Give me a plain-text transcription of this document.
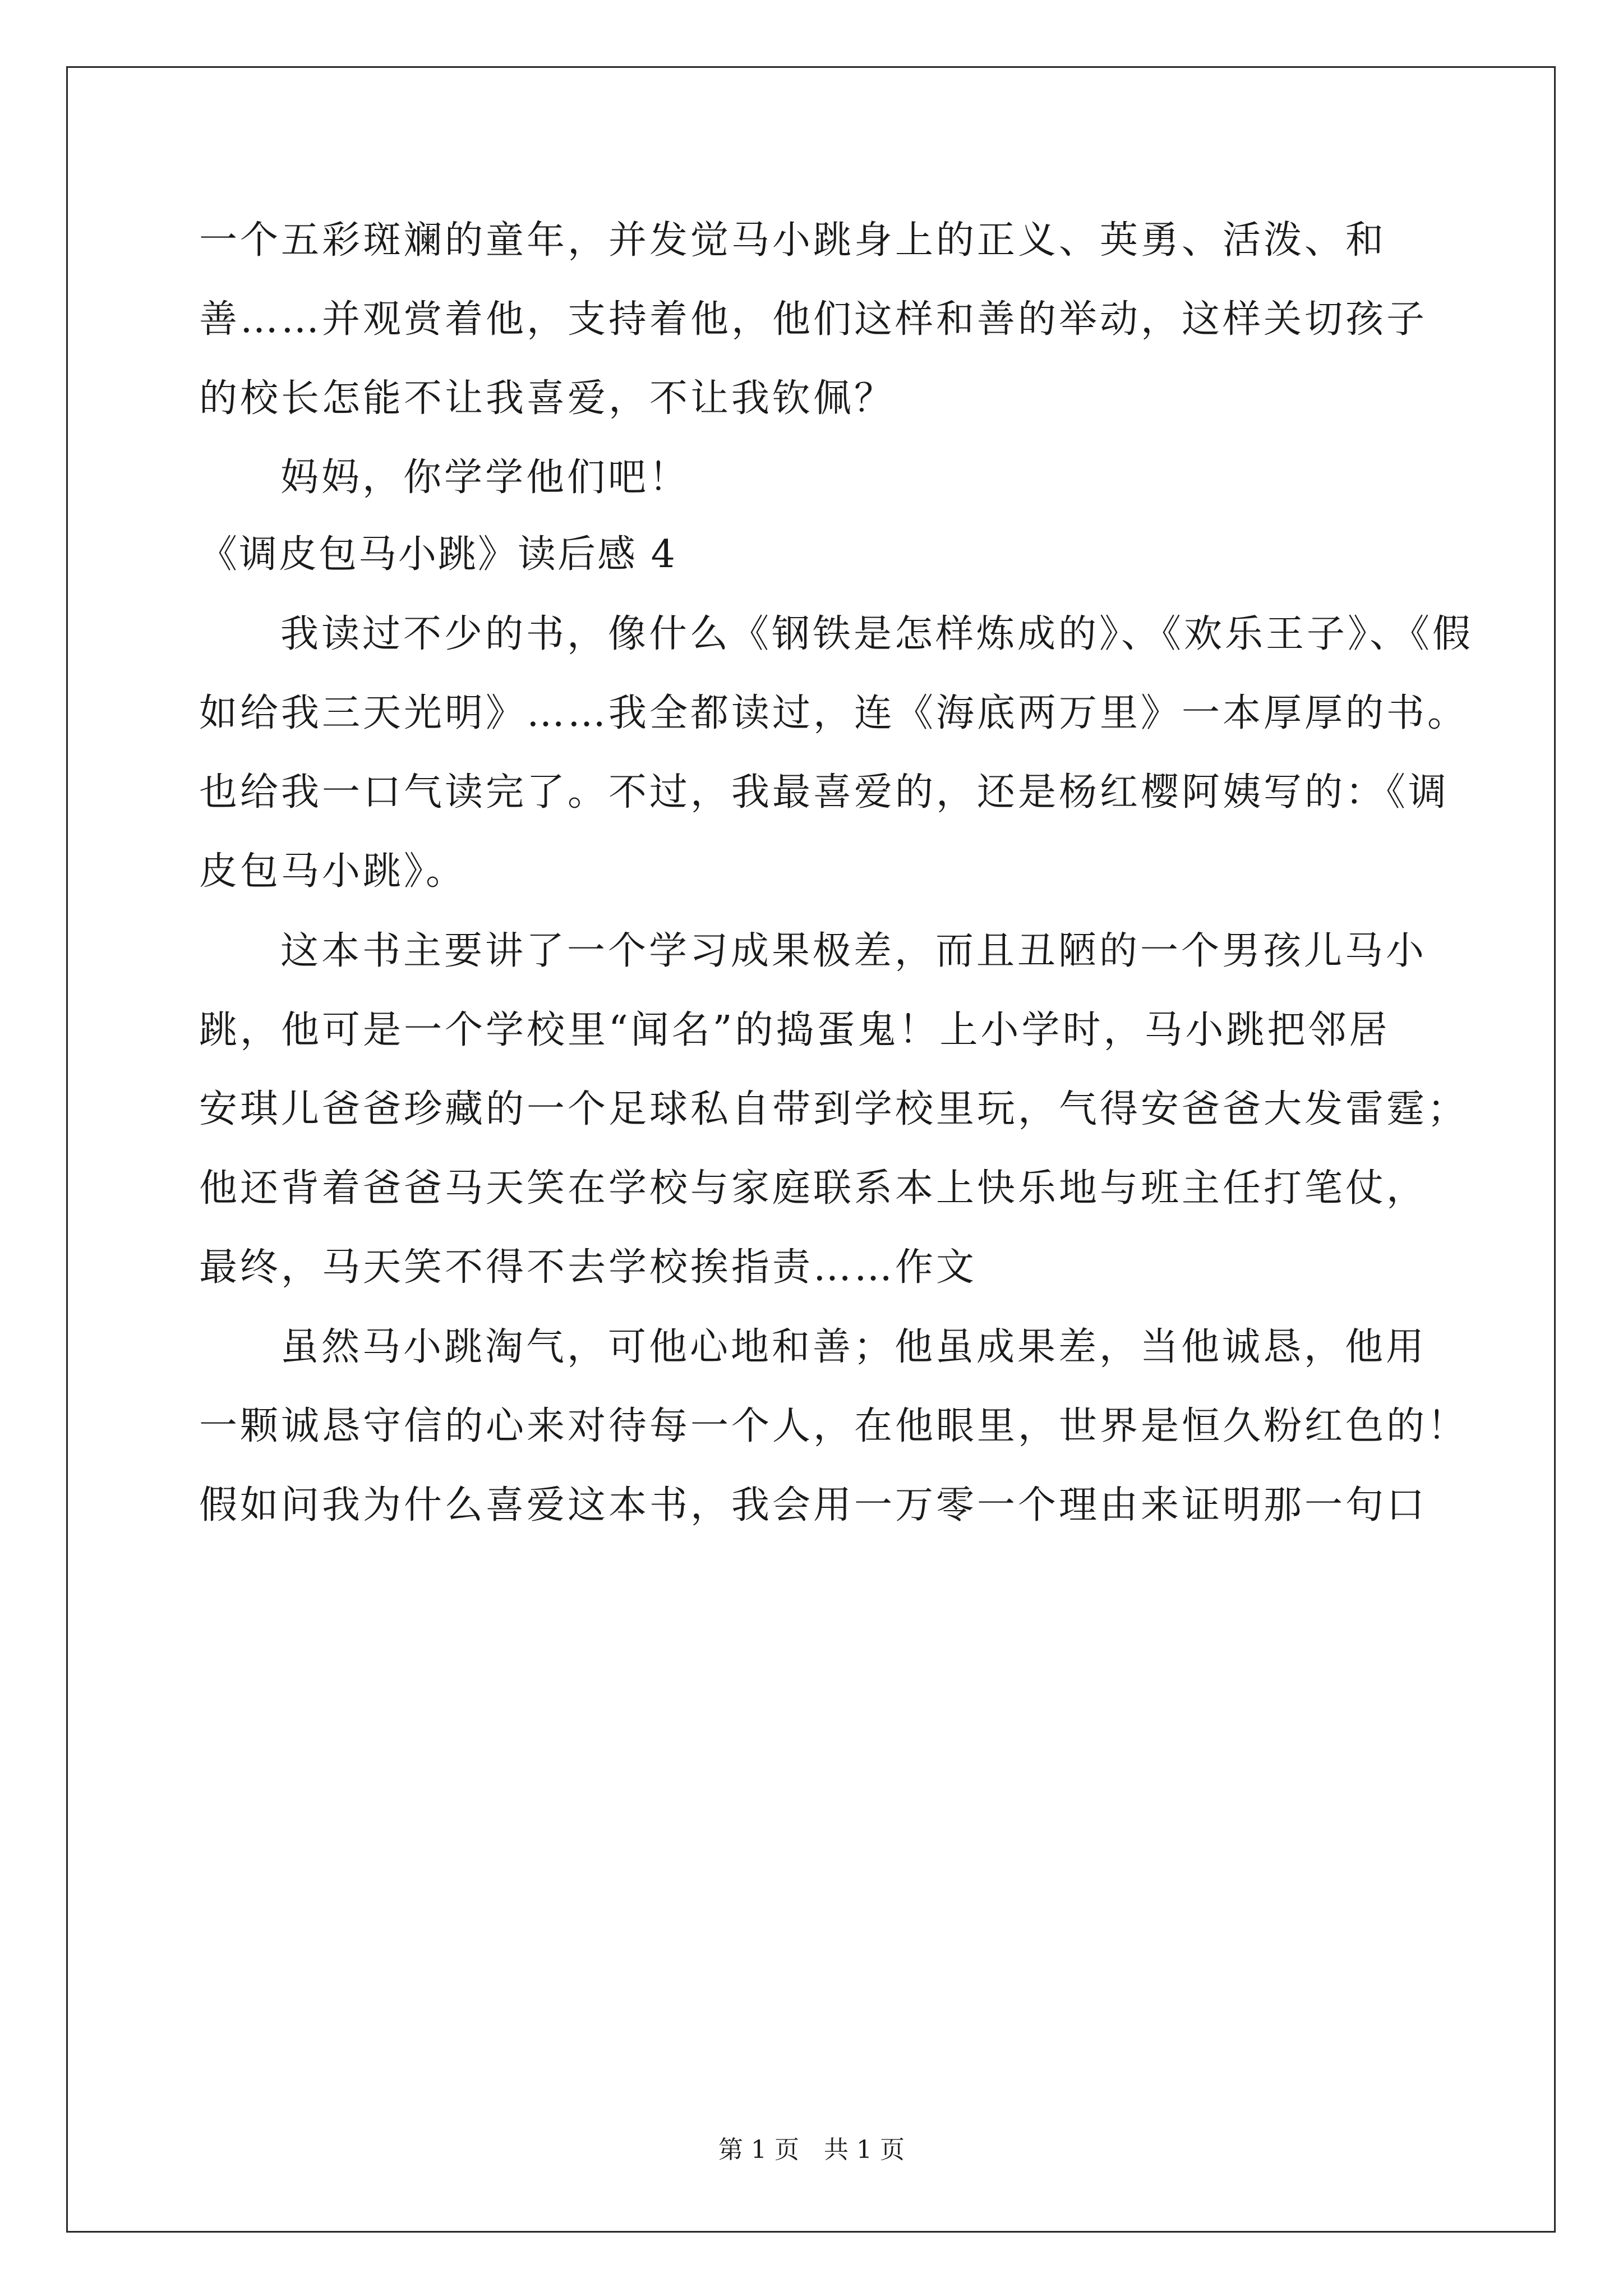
一个五彩斑斓的童年，并发觉马小跳身上的正义、英勇、活泼、和
善……并观赏着他，支持着他，他们这样和善的举动，这样关切孩子
的校长怎能不让我喜爱，不让我钦佩？
妈妈，你学学他们吧！
《调皮包马小跳》读后感 4
我读过不少的书，像什么《钢铁是怎样炼成的》、《欢乐王子》、《假
如给我三天光明》……我全都读过，连《海底两万里》一本厚厚的书。
也给我一口气读完了。不过，我最喜爱的，还是杨红樱阿姨写的：《调
皮包马小跳》。
这本书主要讲了一个学习成果极差，而且丑陋的一个男孩儿马小
跳，他可是一个学校里“闻名”的捣蛋鬼！上小学时，马小跳把邻居
安琪儿爸爸珍藏的一个足球私自带到学校里玩，气得安爸爸大发雷霆；
他还背着爸爸马天笑在学校与家庭联系本上快乐地与班主任打笔仗，
最终，马天笑不得不去学校挨指责……作文
虽然马小跳淘气，可他心地和善；他虽成果差，当他诚恳，他用
一颗诚恳守信的心来对待每一个人，在他眼里，世界是恒久粉红色的！
假如问我为什么喜爱这本书，我会用一万零一个理由来证明那一句口
第 1 页　共 1 页
